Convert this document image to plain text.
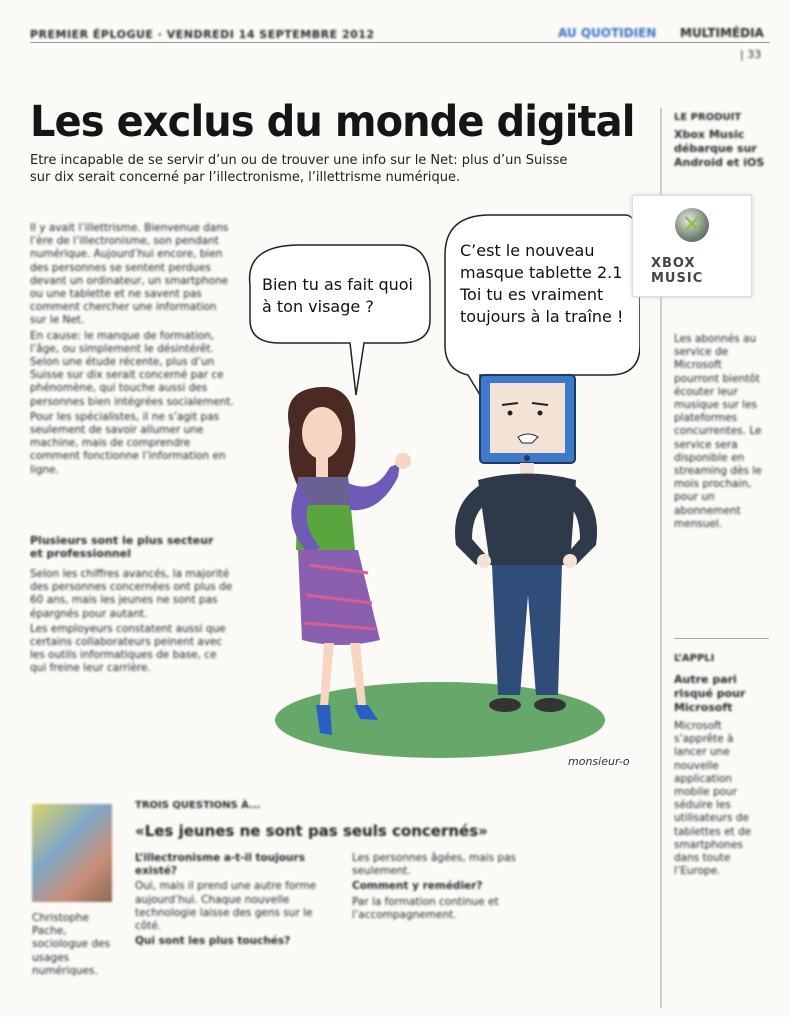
PREMIER ÉPLOGUE · VENDREDI 14 SEPTEMBRE 2012	AU QUOTIDIEN MULTIMÉDIA
| 33
Les exclus du monde digital
Etre incapable de se servir d’un ou de trouver une info sur le Net: plus d’un Suisse sur dix serait concerné par l’illectronisme, l’illettrisme numérique.

Il y avait l’illettrisme. Bienvenue dans l’ère de l’illectronisme, son pendant numérique. Aujourd’hui encore, bien des personnes se sentent perdues devant un ordinateur, un smartphone ou une tablette et ne savent pas comment chercher une information sur le Net.

En cause: le manque de formation, l’âge, ou simplement le désintérêt. Selon une étude récente, plus d’un Suisse sur dix serait concerné par ce phénomène, qui touche aussi des personnes bien intégrées socialement.

Pour les spécialistes, il ne s’agit pas seulement de savoir allumer une machine, mais de comprendre comment fonctionne l’information en ligne.

Plusieurs sont le plus secteur et professionnel

Selon les chiffres avancés, la majorité des personnes concernées ont plus de 60 ans, mais les jeunes ne sont pas épargnés pour autant.

Les employeurs constatent aussi que certains collaborateurs peinent avec les outils informatiques de base, ce qui freine leur carrière.

Bien tu as fait quoi à ton visage ?
C’est le nouveau
masque tablette 2.1
Toi tu es vraiment
toujours à la traîne !
monsieur-o
LE PRODUIT
Xbox Music débarque sur Android et iOS
Les abonnés au service de Microsoft pourront bientôt écouter leur musique sur les plateformes concurrentes. Le service sera disponible en streaming dès le mois prochain, pour un abonnement mensuel.
L’APPLI
Autre pari risqué pour Microsoft
Microsoft s’apprête à lancer une nouvelle application mobile pour séduire les utilisateurs de tablettes et de smartphones dans toute l’Europe.
✕
XBOX MUSIC
Christophe Pache, sociologue des usages numériques.
TROIS QUESTIONS À...
«Les jeunes ne sont pas seuls concernés»

L’illectronisme a-t-il toujours existé?

Oui, mais il prend une autre forme aujourd’hui. Chaque nouvelle technologie laisse des gens sur le côté.

Qui sont les plus touchés?

Les personnes âgées, mais pas seulement.

Comment y remédier?

Par la formation continue et l’accompagnement.
